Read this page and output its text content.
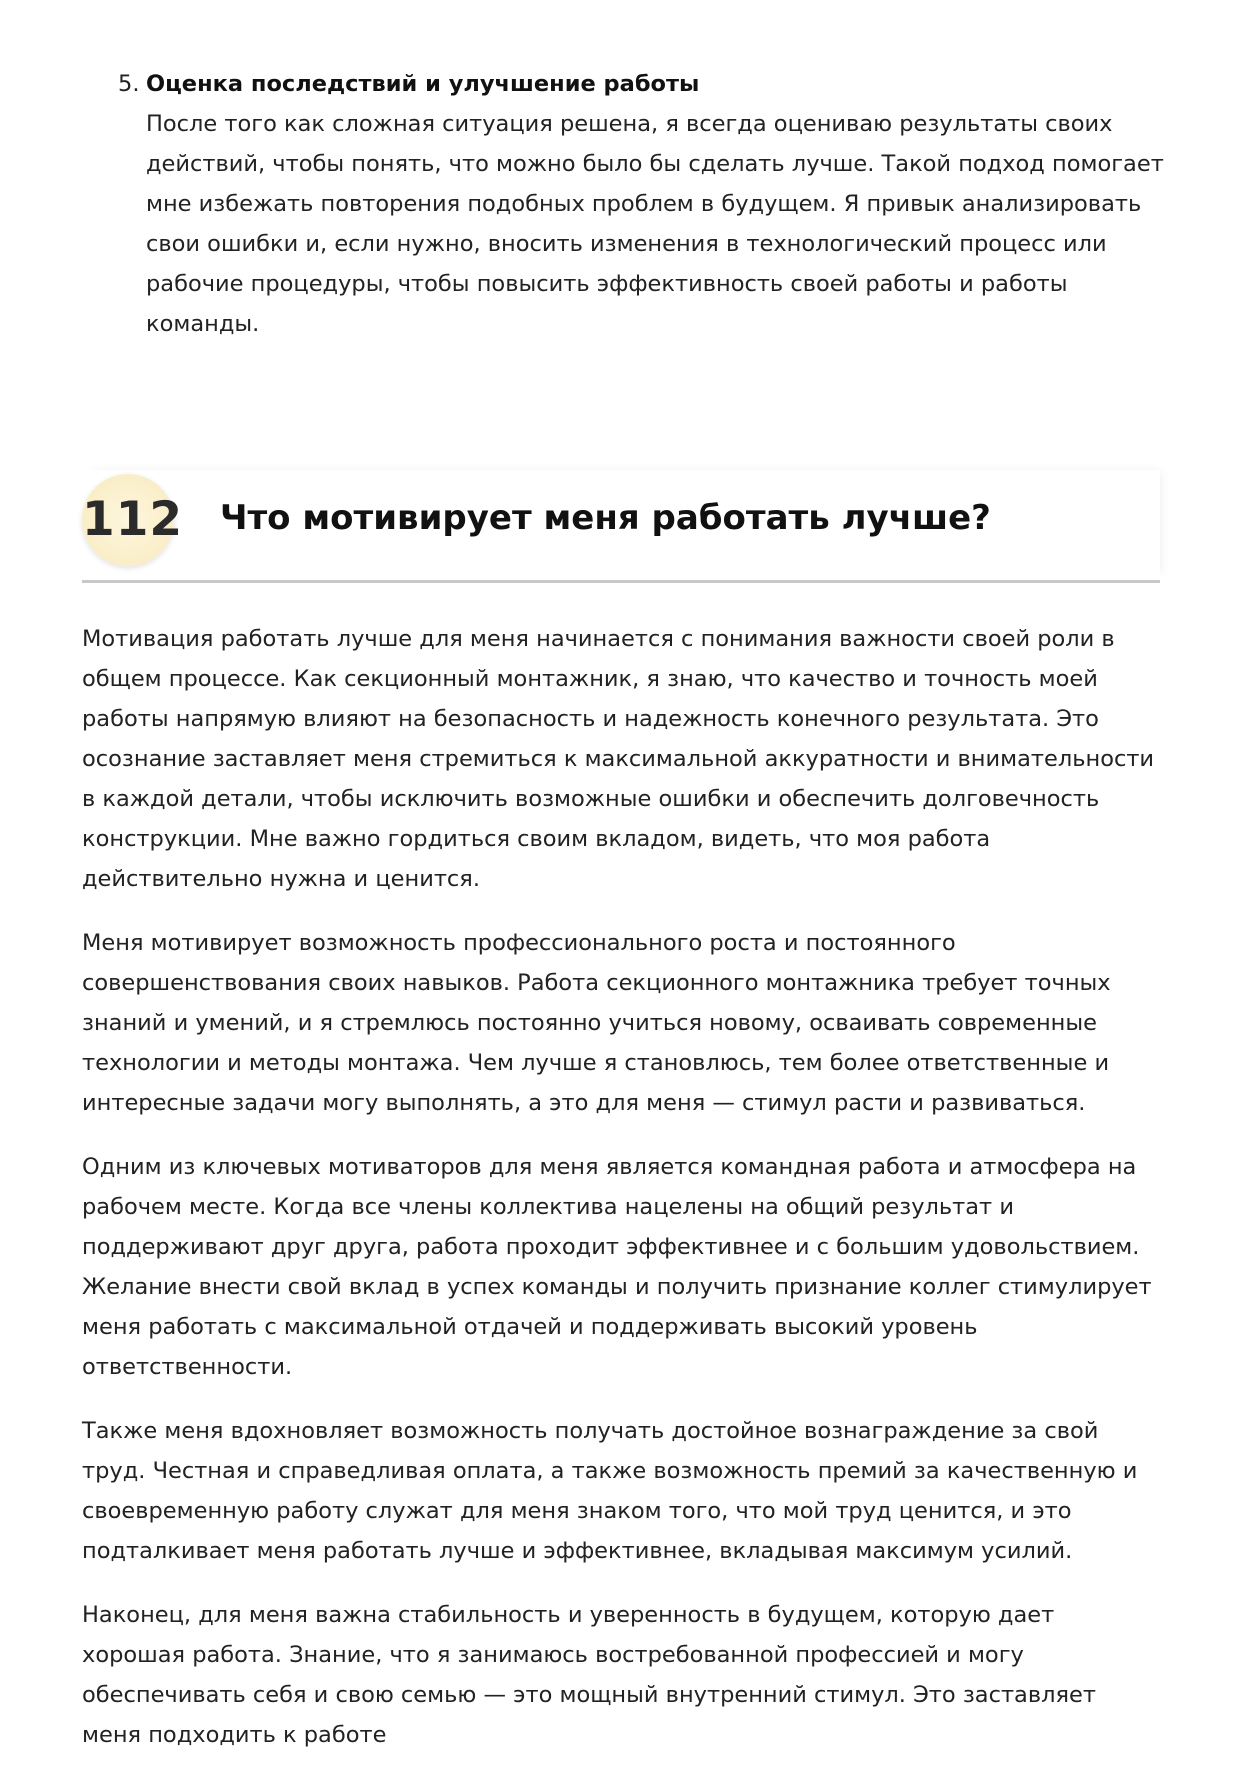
5. Оценка последствий и улучшение работы
После того как сложная ситуация решена, я всегда оцениваю результаты своих действий, чтобы понять, что можно было бы сделать лучше. Такой подход помогает мне избежать повторения подобных проблем в будущем. Я привык анализировать свои ошибки и, если нужно, вносить изменения в технологический процесс или рабочие процедуры, чтобы повысить эффективность своей работы и работы команды.
112 Что мотивирует меня работать лучше?

Мотивация работать лучше для меня начинается с понимания важности своей роли в общем процессе. Как секционный монтажник, я знаю, что качество и точность моей работы напрямую влияют на безопасность и надежность конечного результата. Это осознание заставляет меня стремиться к максимальной аккуратности и внимательности в каждой детали, чтобы исключить возможные ошибки и обеспечить долговечность конструкции. Мне важно гордиться своим вкладом, видеть, что моя работа действительно нужна и ценится.

Меня мотивирует возможность профессионального роста и постоянного совершенствования своих навыков. Работа секционного монтажника требует точных знаний и умений, и я стремлюсь постоянно учиться новому, осваивать современные технологии и методы монтажа. Чем лучше я становлюсь, тем более ответственные и интересные задачи могу выполнять, а это для меня — стимул расти и развиваться.

Одним из ключевых мотиваторов для меня является командная работа и атмосфера на рабочем месте. Когда все члены коллектива нацелены на общий результат и поддерживают друг друга, работа проходит эффективнее и с большим удовольствием. Желание внести свой вклад в успех команды и получить признание коллег стимулирует меня работать с максимальной отдачей и поддерживать высокий уровень ответственности.

Также меня вдохновляет возможность получать достойное вознаграждение за свой труд. Честная и справедливая оплата, а также возможность премий за качественную и своевременную работу служат для меня знаком того, что мой труд ценится, и это подталкивает меня работать лучше и эффективнее, вкладывая максимум усилий.

Наконец, для меня важна стабильность и уверенность в будущем, которую дает хорошая работа. Знание, что я занимаюсь востребованной профессией и могу обеспечивать себя и свою семью — это мощный внутренний стимул. Это заставляет меня подходить к работе
